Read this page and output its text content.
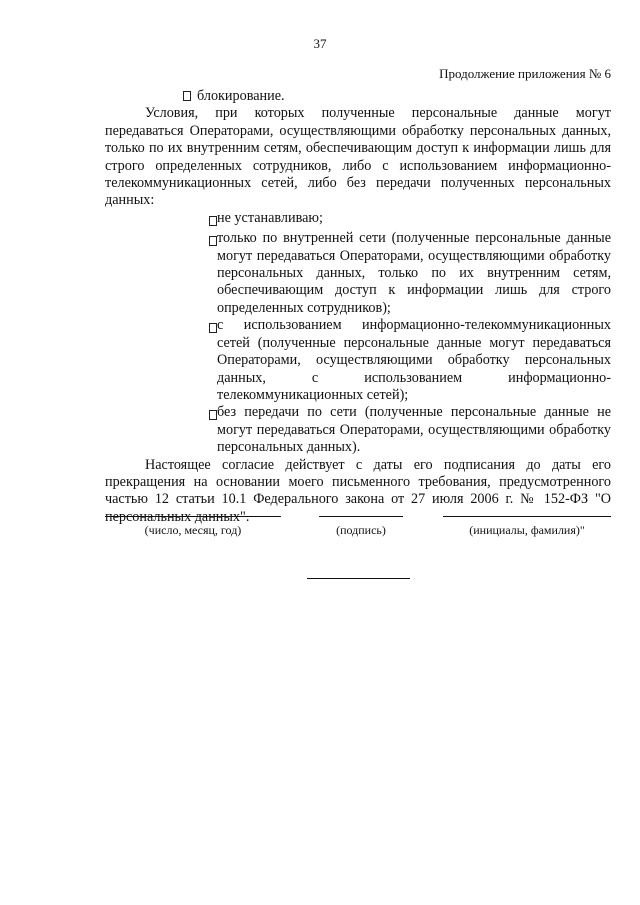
37
Продолжение приложения № 6

блокирование.

Условия, при которых полученные персональные данные могут передаваться Операторами, осуществляющими обработку персональных данных, только по их внутренним сетям, обеспечивающим доступ к информации лишь для строго определенных сотрудников, либо с использованием информационно-телекоммуникационных сетей, либо без передачи полученных персональных данных:

не устанавливаю;
только по внутренней сети (полученные персональные данные могут передаваться Операторами, осуществляющими обработку персональных данных, только по их внутренним сетям, обеспечивающим доступ к информации лишь для строго определенных сотрудников);
с использованием информационно-телекоммуникационных сетей (полученные персональные данные могут передаваться Операторами, осуществляющими обработку персональных данных, с использованием информационно-телекоммуникационных сетей);
без передачи по сети (полученные персональные данные не могут передаваться Операторами, осуществляющими обработку персональных данных).

Настоящее согласие действует с даты его подписания до даты его прекращения на основании моего письменного требования, предусмотренного частью 12 статьи 10.1 Федерального закона от 27 июля 2006 г. № 152-ФЗ "О персональных данных".

(число, месяц, год)	(подпись)	(инициалы, фамилия)"
